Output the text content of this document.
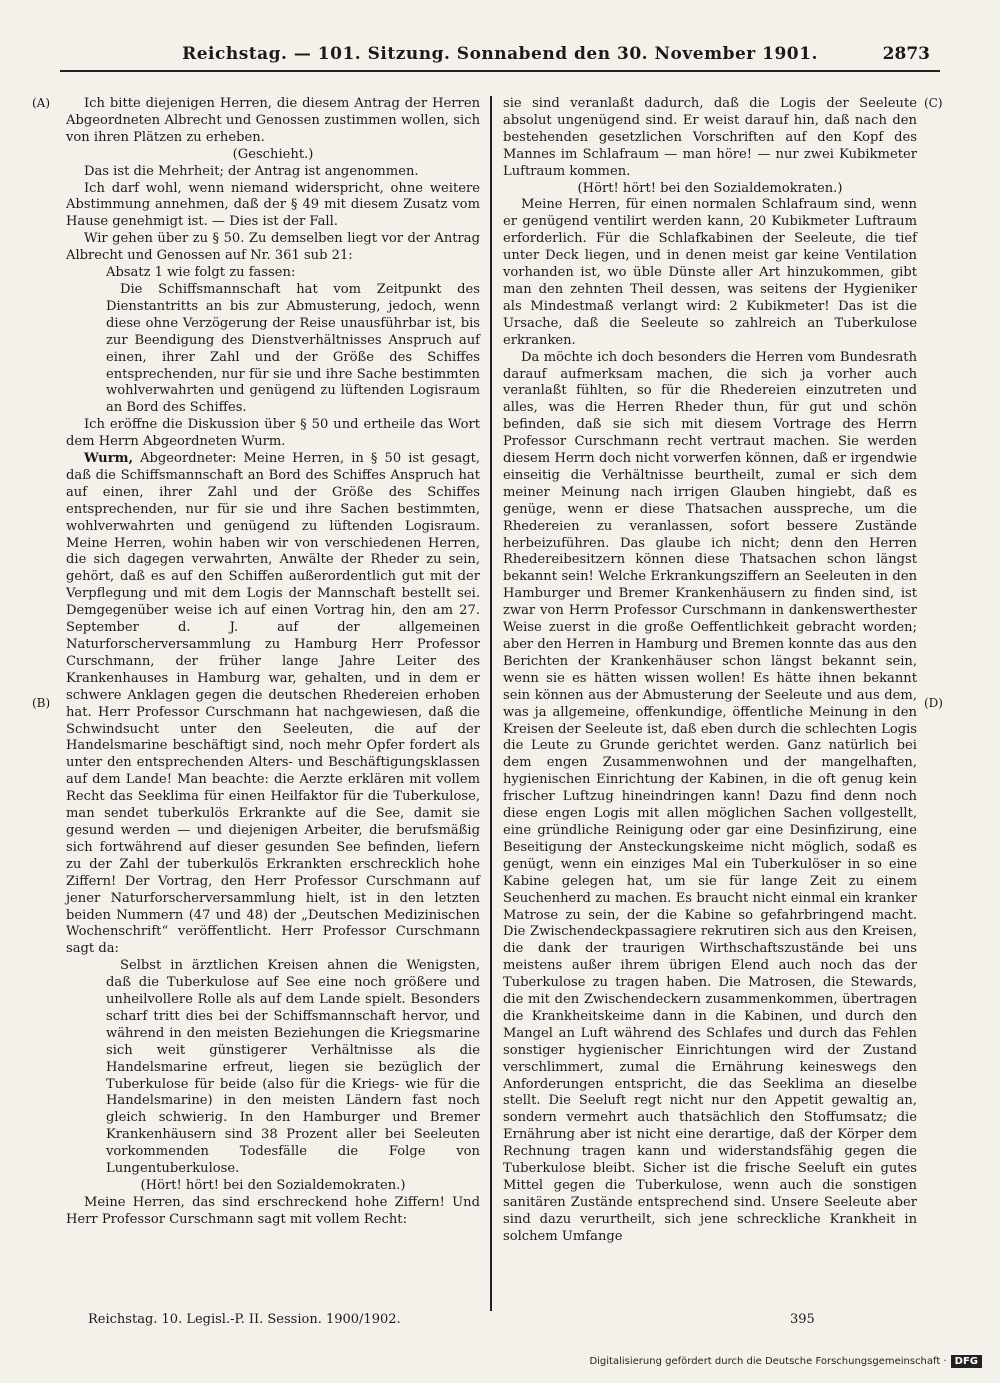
Reichstag. — 101. Sitzung. Sonnabend den 30. November 1901.	2873
(A)
(B)
(C)
(D)

Ich bitte diejenigen Herren, die diesem Antrag der Herren Abgeordneten Albrecht und Genossen zustimmen wollen, sich von ihren Plätzen zu erheben.

(Geschieht.)

Das ist die Mehrheit; der Antrag ist angenommen.

Ich darf wohl, wenn niemand widerspricht, ohne weitere Abstimmung annehmen, daß der § 49 mit diesem Zusatz vom Hause genehmigt ist. — Dies ist der Fall.

Wir gehen über zu § 50. Zu demselben liegt vor der Antrag Albrecht und Genossen auf Nr. 361 sub 21:

Absatz 1 wie folgt zu fassen:

Die Schiffsmannschaft hat vom Zeitpunkt des Dienstantritts an bis zur Abmusterung, jedoch, wenn diese ohne Verzögerung der Reise unausführbar ist, bis zur Beendigung des Dienstverhältnisses Anspruch auf einen, ihrer Zahl und der Größe des Schiffes entsprechenden, nur für sie und ihre Sache bestimmten wohlverwahrten und genügend zu lüftenden Logisraum an Bord des Schiffes.

Ich eröffne die Diskussion über § 50 und ertheile das Wort dem Herrn Abgeordneten Wurm.

Wurm, Abgeordneter: Meine Herren, in § 50 ist gesagt, daß die Schiffsmannschaft an Bord des Schiffes Anspruch hat auf einen, ihrer Zahl und der Größe des Schiffes entsprechenden, nur für sie und ihre Sachen bestimmten, wohlverwahrten und genügend zu lüftenden Logisraum. Meine Herren, wohin haben wir von verschiedenen Herren, die sich dagegen verwahrten, Anwälte der Rheder zu sein, gehört, daß es auf den Schiffen außerordentlich gut mit der Verpflegung und mit dem Logis der Mannschaft bestellt sei. Demgegenüber weise ich auf einen Vortrag hin, den am 27. September d. J. auf der allgemeinen Naturforscherversammlung zu Hamburg Herr Professor Curschmann, der früher lange Jahre Leiter des Krankenhauses in Hamburg war, gehalten, und in dem er schwere Anklagen gegen die deutschen Rhedereien erhoben hat. Herr Professor Curschmann hat nachgewiesen, daß die Schwindsucht unter den Seeleuten, die auf der Handelsmarine beschäftigt sind, noch mehr Opfer fordert als unter den entsprechenden Alters- und Beschäftigungsklassen auf dem Lande! Man beachte: die Aerzte erklären mit vollem Recht das Seeklima für einen Heilfaktor für die Tuberkulose, man sendet tuberkulös Erkrankte auf die See, damit sie gesund werden — und diejenigen Arbeiter, die berufsmäßig sich fortwährend auf dieser gesunden See befinden, liefern zu der Zahl der tuberkulös Erkrankten erschrecklich hohe Ziffern! Der Vortrag, den Herr Professor Curschmann auf jener Naturforscherversammlung hielt, ist in den letzten beiden Nummern (47 und 48) der „Deutschen Medizinischen Wochenschrift“ veröffentlicht. Herr Professor Curschmann sagt da:

Selbst in ärztlichen Kreisen ahnen die Wenigsten, daß die Tuberkulose auf See eine noch größere und unheilvollere Rolle als auf dem Lande spielt. Besonders scharf tritt dies bei der Schiffsmannschaft hervor, und während in den meisten Beziehungen die Kriegsmarine sich weit günstigerer Verhältnisse als die Handelsmarine erfreut, liegen sie bezüglich der Tuberkulose für beide (also für die Kriegs- wie für die Handelsmarine) in den meisten Ländern fast noch gleich schwierig. In den Hamburger und Bremer Krankenhäusern sind 38 Prozent aller bei Seeleuten vorkommenden Todesfälle die Folge von Lungentuberkulose.

(Hört! hört! bei den Sozialdemokraten.)

Meine Herren, das sind erschreckend hohe Ziffern! Und Herr Professor Curschmann sagt mit vollem Recht:

sie sind veranlaßt dadurch, daß die Logis der Seeleute absolut ungenügend sind. Er weist darauf hin, daß nach den bestehenden gesetzlichen Vorschriften auf den Kopf des Mannes im Schlafraum — man höre! — nur zwei Kubikmeter Luftraum kommen.

(Hört! hört! bei den Sozialdemokraten.)

Meine Herren, für einen normalen Schlafraum sind, wenn er genügend ventilirt werden kann, 20 Kubikmeter Luftraum erforderlich. Für die Schlafkabinen der Seeleute, die tief unter Deck liegen, und in denen meist gar keine Ventilation vorhanden ist, wo üble Dünste aller Art hinzukommen, gibt man den zehnten Theil dessen, was seitens der Hygieniker als Mindestmaß verlangt wird: 2 Kubikmeter! Das ist die Ursache, daß die Seeleute so zahlreich an Tuberkulose erkranken.

Da möchte ich doch besonders die Herren vom Bundesrath darauf aufmerksam machen, die sich ja vorher auch veranlaßt fühlten, so für die Rhedereien einzutreten und alles, was die Herren Rheder thun, für gut und schön befinden, daß sie sich mit diesem Vortrage des Herrn Professor Curschmann recht vertraut machen. Sie werden diesem Herrn doch nicht vorwerfen können, daß er irgendwie einseitig die Verhältnisse beurtheilt, zumal er sich dem meiner Meinung nach irrigen Glauben hingiebt, daß es genüge, wenn er diese Thatsachen ausspreche, um die Rhedereien zu veranlassen, sofort bessere Zustände herbeizuführen. Das glaube ich nicht; denn den Herren Rhedereibesitzern können diese Thatsachen schon längst bekannt sein! Welche Erkrankungsziffern an Seeleuten in den Hamburger und Bremer Krankenhäusern zu finden sind, ist zwar von Herrn Professor Curschmann in dankenswerthester Weise zuerst in die große Oeffentlichkeit gebracht worden; aber den Herren in Hamburg und Bremen konnte das aus den Berichten der Krankenhäuser schon längst bekannt sein, wenn sie es hätten wissen wollen! Es hätte ihnen bekannt sein können aus der Abmusterung der Seeleute und aus dem, was ja allgemeine, offenkundige, öffentliche Meinung in den Kreisen der Seeleute ist, daß eben durch die schlechten Logis die Leute zu Grunde gerichtet werden. Ganz natürlich bei dem engen Zusammenwohnen und der mangelhaften, hygienischen Einrichtung der Kabinen, in die oft genug kein frischer Luftzug hineindringen kann! Dazu find denn noch diese engen Logis mit allen möglichen Sachen vollgestellt, eine gründliche Reinigung oder gar eine Desinfizirung, eine Beseitigung der Ansteckungskeime nicht möglich, sodaß es genügt, wenn ein einziges Mal ein Tuberkulöser in so eine Kabine gelegen hat, um sie für lange Zeit zu einem Seuchenherd zu machen. Es braucht nicht einmal ein kranker Matrose zu sein, der die Kabine so gefahrbringend macht. Die Zwischendeckpassagiere rekrutiren sich aus den Kreisen, die dank der traurigen Wirthschaftszustände bei uns meistens außer ihrem übrigen Elend auch noch das der Tuberkulose zu tragen haben. Die Matrosen, die Stewards, die mit den Zwischendeckern zusammenkommen, übertragen die Krankheitskeime dann in die Kabinen, und durch den Mangel an Luft während des Schlafes und durch das Fehlen sonstiger hygienischer Einrichtungen wird der Zustand verschlimmert, zumal die Ernährung keineswegs den Anforderungen entspricht, die das Seeklima an dieselbe stellt. Die Seeluft regt nicht nur den Appetit gewaltig an, sondern vermehrt auch thatsächlich den Stoffumsatz; die Ernährung aber ist nicht eine derartige, daß der Körper dem Rechnung tragen kann und widerstandsfähig gegen die Tuberkulose bleibt. Sicher ist die frische Seeluft ein gutes Mittel gegen die Tuberkulose, wenn auch die sonstigen sanitären Zustände entsprechend sind. Unsere Seeleute aber sind dazu verurtheilt, sich jene schreckliche Krankheit in solchem Umfange

Reichstag. 10. Legisl.-P. II. Session. 1900/1902.	395
Digitalisierung gefördert durch die Deutsche Forschungsgemeinschaft · DFG
